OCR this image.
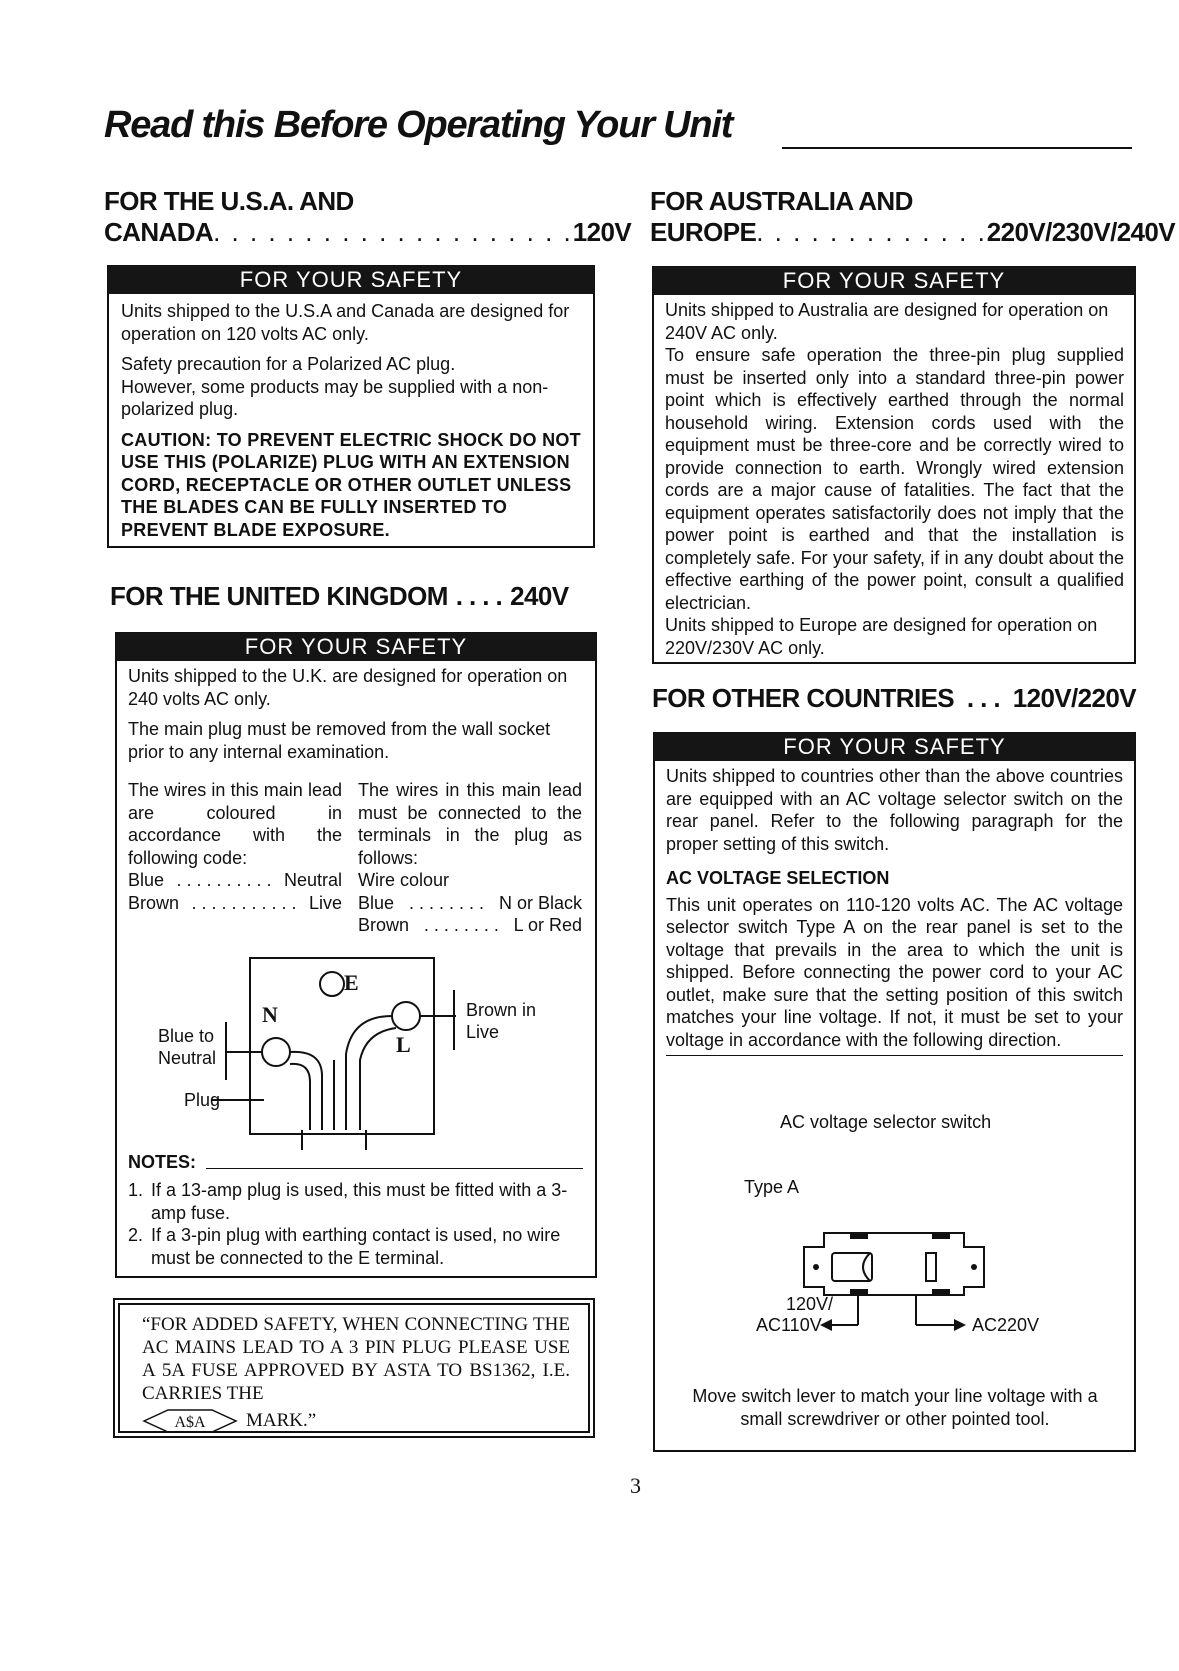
Read this Before Operating Your Unit
FOR THE U.S.A. AND
CANADA . . . . . . . . . . . . . . . . . . . . 120V
FOR YOUR SAFETY

Units shipped to the U.S.A and Canada are designed for operation on 120 volts AC only.

Safety precaution for a Polarized AC plug.

However, some products may be supplied with a non-polarized plug.

CAUTION: TO PREVENT ELECTRIC SHOCK DO NOT USE THIS (POLARIZE) PLUG WITH AN EXTENSION CORD, RECEPTACLE OR OTHER OUTLET UNLESS THE BLADES CAN BE FULLY INSERTED TO PREVENT BLADE EXPOSURE.

FOR THE UNITED KINGDOM . . . . 240V
FOR YOUR SAFETY

Units shipped to the U.K. are designed for operation on 240 volts AC only.

The main plug must be removed from the wall socket prior to any internal examination.

The wires in this main lead are coloured in accordance with the following code:

Blue . . . . . . . . . . Neutral
Brown . . . . . . . . . . . Live

The wires in this main lead must be connected to the terminals in the plug as follows:

Wire colour

Blue . . . . . . . . N or Black
Brown . . . . . . . . L or Red
E
N
L
Blue to
Neutral
Plug
Brown in
Live
NOTES:
1. If a 13-amp plug is used, this must be fitted with a 3-amp fuse.
2. If a 3-pin plug with earthing contact is used, no wire must be connected to the E terminal.

“FOR ADDED SAFETY, WHEN CONNECTING THE AC MAINS LEAD TO A 3 PIN PLUG PLEASE USE A 5A FUSE APPROVED BY ASTA TO BS1362, I.E. CARRIES THE

A$A MARK.”
FOR AUSTRALIA AND
EUROPE . . . . . . . . . . . . . 220V/230V/240V
FOR YOUR SAFETY

Units shipped to Australia are designed for operation on 240V AC only.

To ensure safe operation the three-pin plug supplied must be inserted only into a standard three-pin power point which is effectively earthed through the normal household wiring. Extension cords used with the equipment must be three-core and be correctly wired to provide connection to earth. Wrongly wired extension cords are a major cause of fatalities. The fact that the equipment operates satisfactorily does not imply that the power point is earthed and that the installation is completely safe. For your safety, if in any doubt about the effective earthing of the power point, consult a qualified electrician.

Units shipped to Europe are designed for operation on 220V/230V AC only.

FOR OTHER COUNTRIES . . . 120V/220V
FOR YOUR SAFETY

Units shipped to countries other than the above countries are equipped with an AC voltage selector switch on the rear panel. Refer to the following paragraph for the proper setting of this switch.

AC VOLTAGE SELECTION

This unit operates on 110-120 volts AC. The AC voltage selector switch Type A on the rear panel is set to the voltage that prevails in the area to which the unit is shipped. Before connecting the power cord to your AC outlet, make sure that the setting position of this switch matches your line voltage. If not, it must be set to your voltage in accordance with the following direction.

AC voltage selector switch
Type A
120V/
AC110V	AC220V
Move switch lever to match your line voltage with a small screwdriver or other pointed tool.
3
